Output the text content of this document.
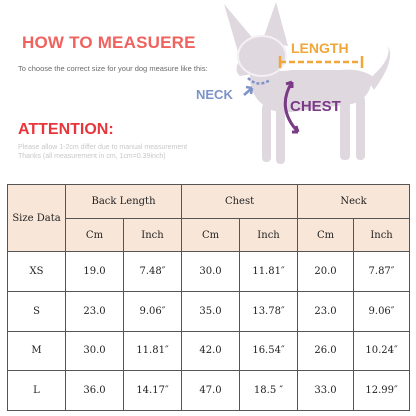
HOW TO MEASUERE
To choose the correct size for your dog measure like this:
ATTENTION:
Please allow 1-2cm differ due to manual measurement
Thanks (all measurement in cm, 1cm=0.39inch)
LENGTH
NECK
CHEST
Size Data	Back Length		Chest		Neck	
	Cm	Inch	Cm	Inch	Cm	Inch
XS	19.0	7.48″	30.0	11.81″	20.0	7.87″
S	23.0	9.06″	35.0	13.78″	23.0	9.06″
M	30.0	11.81″	42.0	16.54″	26.0	10.24″
L	36.0	14.17″	47.0	18.5 ″	33.0	12.99″
